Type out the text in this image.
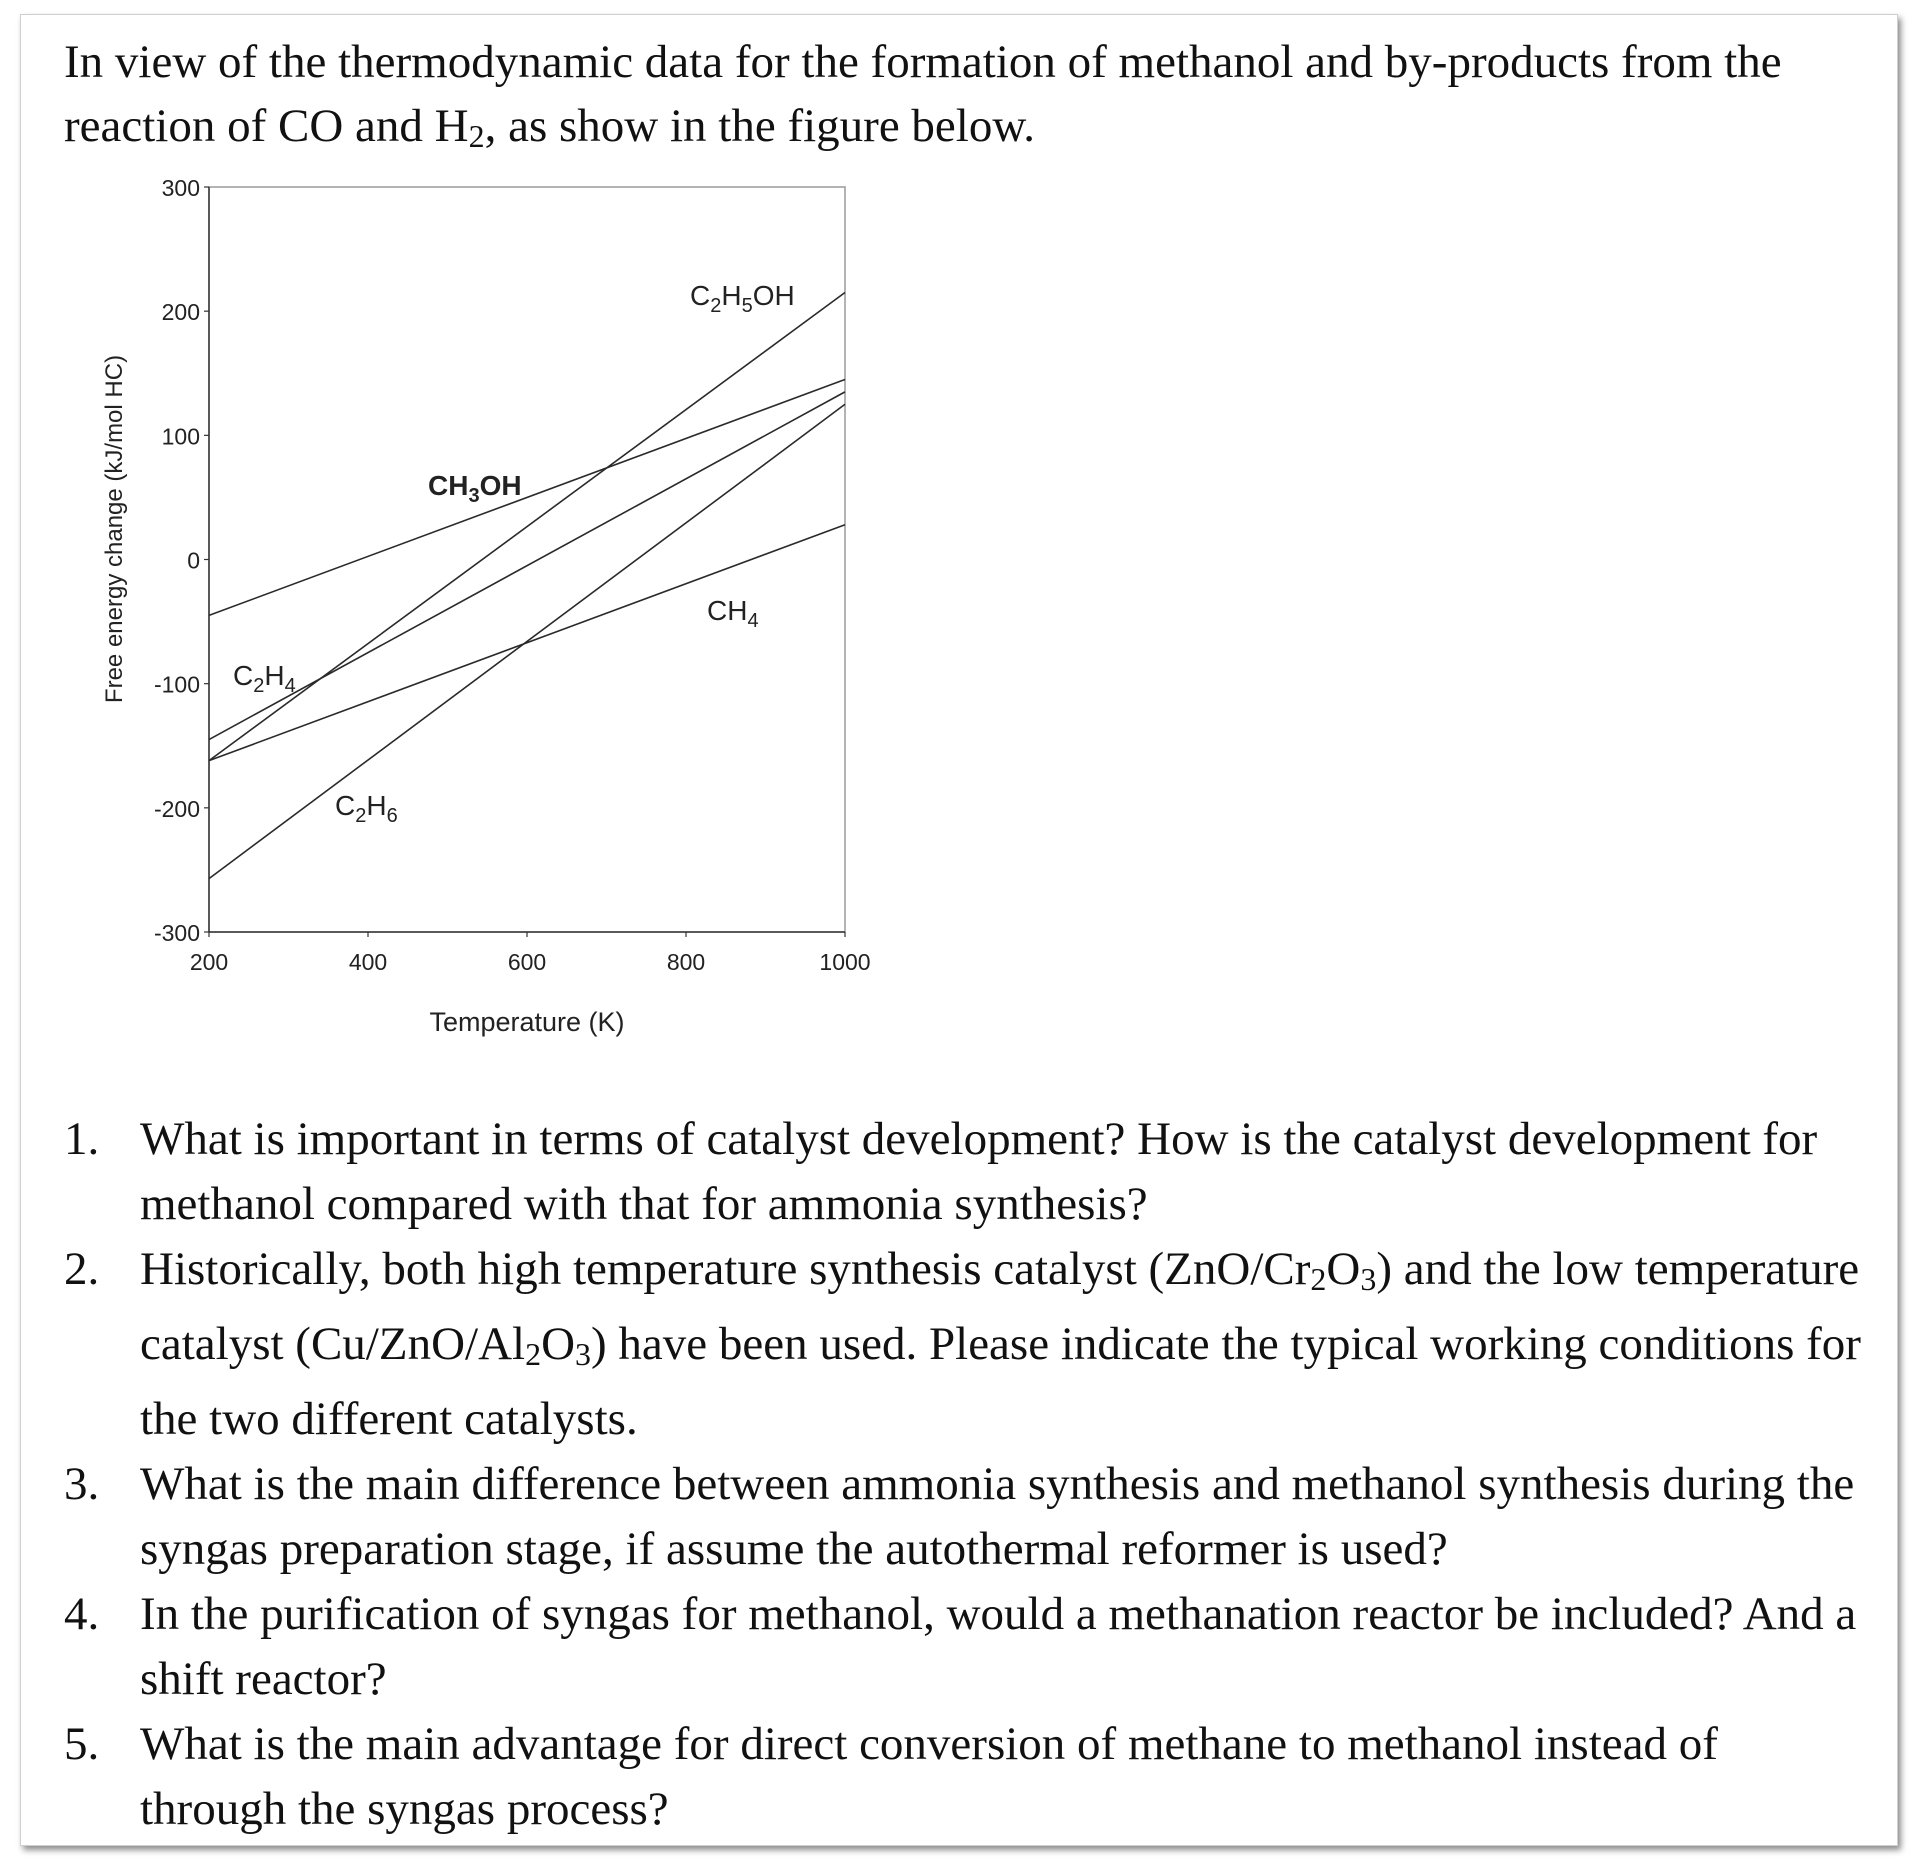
In view of the thermodynamic data for the formation of methanol and by-products from the
reaction of CO and $H_2$, as show in the figure below.
300
200
100
0
-100
-200
-300
200	400	600	800	1000
$CH_3OH$
$C_2H_5OH$
$C_2H_4$
$CH_4$
$C_2H_6$
Free energy change (kJ/mol HC)
Temperature (K)
1. What is important in terms of catalyst development? How is the catalyst development for methanol compared with that for ammonia synthesis?
2. Historically, both high temperature synthesis catalyst $(ZnO/Cr_2O_3)$ and the low temperature catalyst $(Cu/ZnO/Al_2O_3)$ have been used. Please indicate the typical working conditions for the two different catalysts.
3. What is the main difference between ammonia synthesis and methanol synthesis during the syngas preparation stage, if assume the autothermal reformer is used?
4. In the purification of syngas for methanol, would a methanation reactor be included? And a shift reactor?
5. What is the main advantage for direct conversion of methane to methanol instead of through the syngas process?
